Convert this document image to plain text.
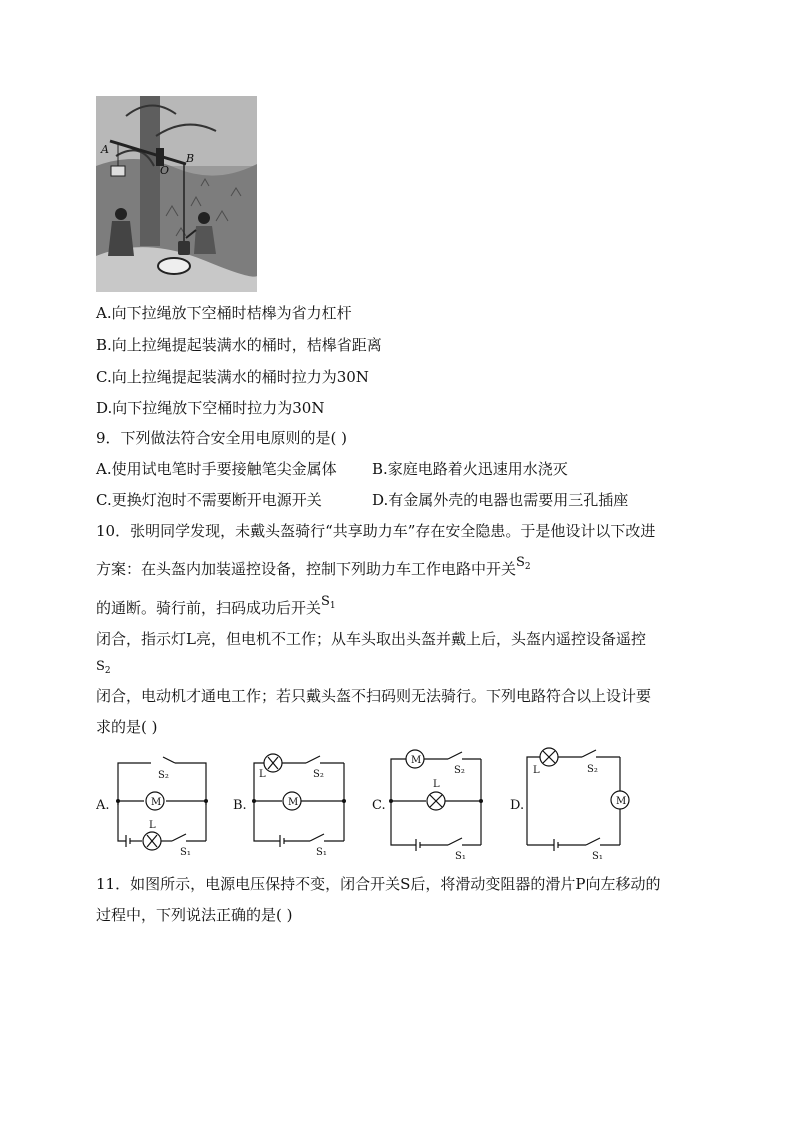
A
O
B
A.向下拉绳放下空桶时桔槔为省力杠杆
B.向上拉绳提起装满水的桶时，桔槔省距离
C.向上拉绳提起装满水的桶时拉力为30N
D.向下拉绳放下空桶时拉力为30N
9．下列做法符合安全用电原则的是( )
A.使用试电笔时手要接触笔尖金属体 B.家庭电路着火迅速用水浇灭
C.更换灯泡时不需要断开电源开关	D.有金属外壳的电器也需要用三孔插座
10．张明同学发现，未戴头盔骑行“共享助力车”存在安全隐患。于是他设计以下改进
方案：在头盔内加装遥控设备，控制下列助力车工作电路中开关$S_2$
的通断。骑行前，扫码成功后开关$S_1$
闭合，指示灯L亮，但电机不工作；从车头取出头盔并戴上后，头盔内遥控设备遥控
$S_2$
闭合，电动机才通电工作；若只戴头盔不扫码则无法骑行。下列电路符合以上设计要
求的是( )
A.
S₂
M
L
S₁
B.
L	S₂
M
S₁
C.
M
S₂
L
S₁
D.
L	S₂
M
S₁
11．如图所示，电源电压保持不变，闭合开关S后，将滑动变阻器的滑片P向左移动的
过程中，下列说法正确的是( )
